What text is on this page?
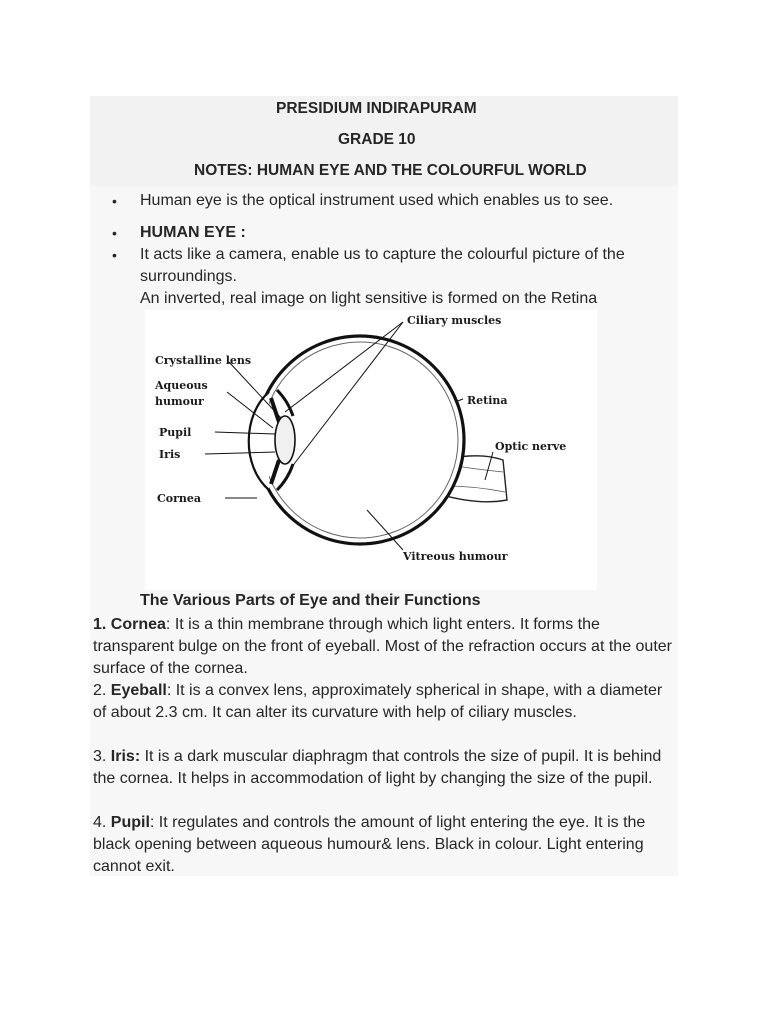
PRESIDIUM INDIRAPURAM
GRADE 10
NOTES: HUMAN EYE AND THE COLOURFUL WORLD
• Human eye is the optical instrument used which enables us to see.
• HUMAN EYE :
• It acts like a camera, enable us to capture the colourful picture of the
surroundings.
An inverted, real image on light sensitive is formed on the Retina
Ciliary muscles
Crystalline lens
Aqueous
humour
Pupil
Iris
Cornea
Retina
Optic nerve
Vitreous humour
The Various Parts of Eye and their Functions
1. Cornea: It is a thin membrane through which light enters. It forms the transparent bulge on the front of eyeball. Most of the refraction occurs at the outer surface of the cornea.
2. Eyeball: It is a convex lens, approximately spherical in shape, with a diameter of about 2.3 cm. It can alter its curvature with help of ciliary muscles.
3. Iris: It is a dark muscular diaphragm that controls the size of pupil. It is behind the cornea. It helps in accommodation of light by changing the size of the pupil.
4. Pupil: It regulates and controls the amount of light entering the eye. It is the black opening between aqueous humour& lens. Black in colour. Light entering cannot exit.
